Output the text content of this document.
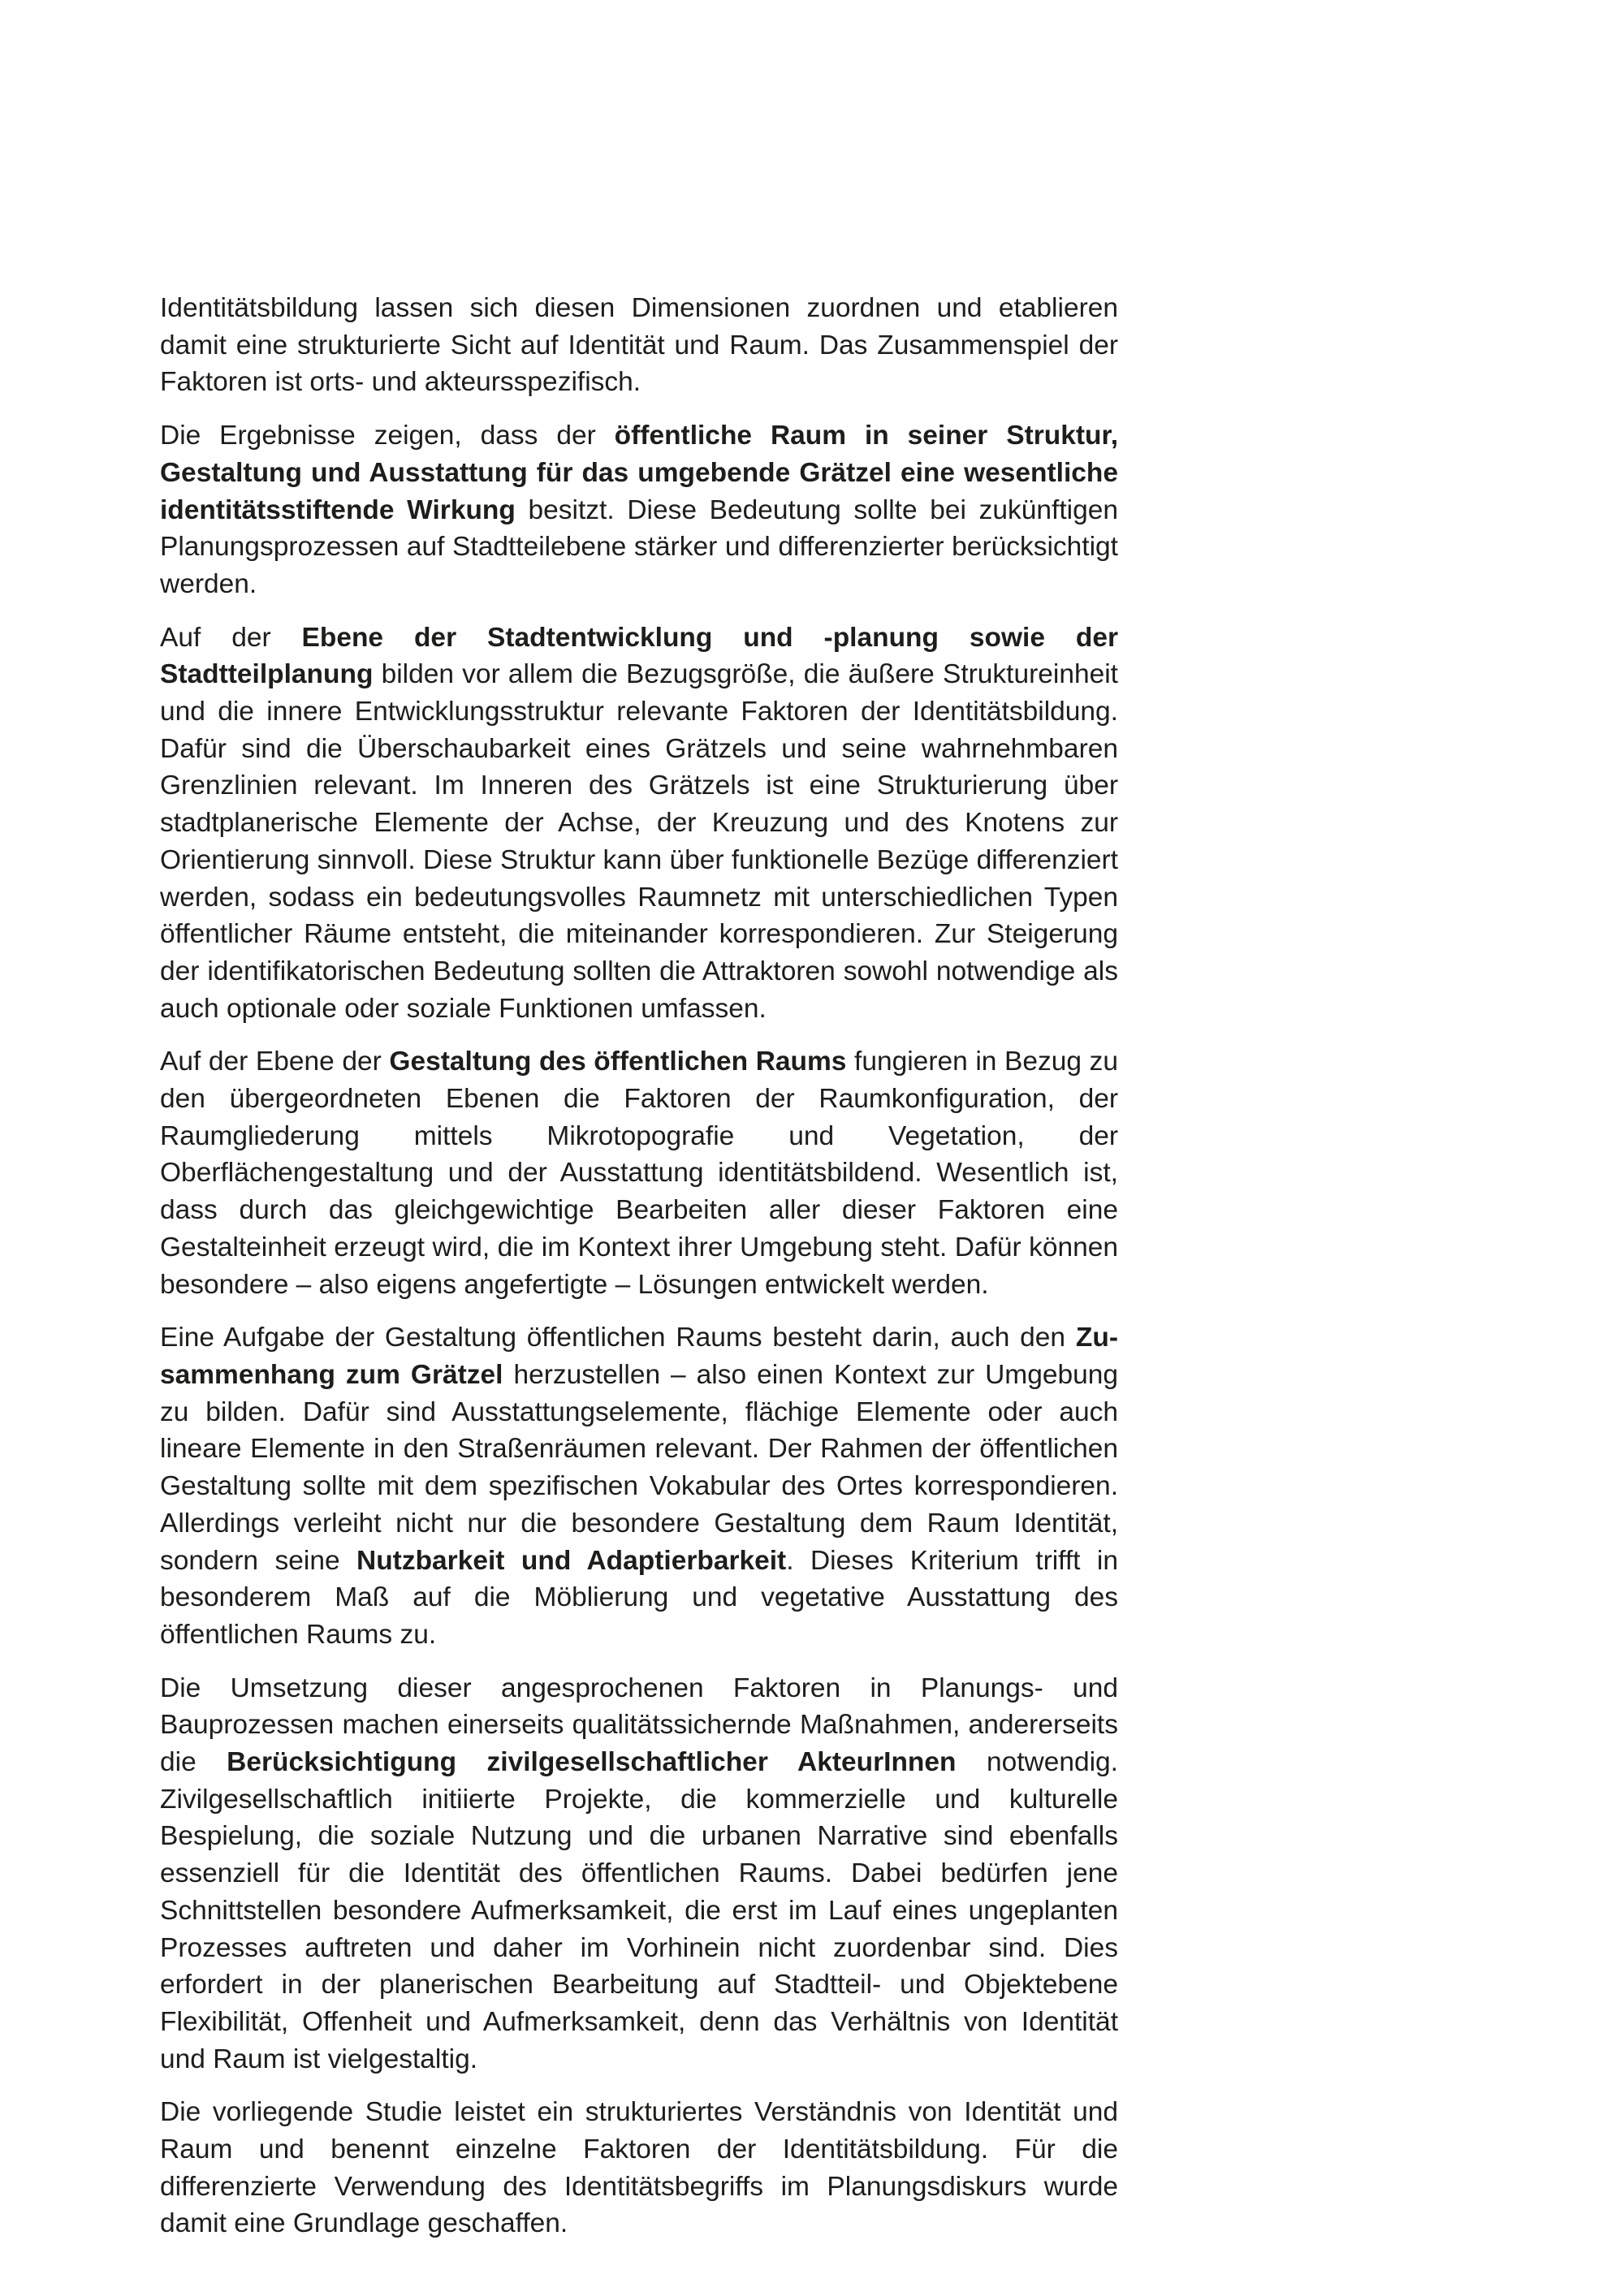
Identitätsbildung lassen sich diesen Dimensionen zuordnen und etablieren damit eine strukturierte Sicht auf Identität und Raum. Das Zusammenspiel der Faktoren ist orts- und akteursspezifisch.

Die Ergebnisse zeigen, dass der öffentliche Raum in seiner Struktur, Gestaltung und Ausstattung für das umgebende Grätzel eine wesentliche identitätsstiftende Wirkung besitzt. Diese Bedeutung sollte bei zukünftigen Planungsprozessen auf Stadtteilebene stärker und differenzierter berücksichtigt werden.

Auf der Ebene der Stadtentwicklung und -planung sowie der Stadtteilplanung bilden vor allem die Bezugsgröße, die äußere Struktureinheit und die innere Entwicklungsstruktur relevante Faktoren der Identitätsbildung. Dafür sind die Überschaubarkeit eines Grätzels und seine wahrnehmbaren Grenzlinien relevant. Im Inneren des Grätzels ist eine Strukturierung über stadtplanerische Elemente der Achse, der Kreuzung und des Knotens zur Orientierung sinnvoll. Diese Struktur kann über funktionelle Bezüge differenziert werden, sodass ein bedeutungsvolles Raumnetz mit unterschiedlichen Typen öffentlicher Räume entsteht, die miteinander korrespondieren. Zur Steigerung der identifikatorischen Bedeutung sollten die Attraktoren sowohl notwendige als auch optionale oder soziale Funktionen umfassen.

Auf der Ebene der Gestaltung des öffentlichen Raums fungieren in Bezug zu den übergeordneten Ebenen die Faktoren der Raumkonfiguration, der Raumgliederung mittels Mikrotopografie und Vegetation, der Oberflächengestaltung und der Ausstattung identitätsbildend. Wesentlich ist, dass durch das gleichgewichtige Bearbeiten aller dieser Faktoren eine Gestalteinheit erzeugt wird, die im Kontext ihrer Umgebung steht. Dafür können besondere – also eigens angefertigte – Lösungen entwickelt werden.

Eine Aufgabe der Gestaltung öffentlichen Raums besteht darin, auch den Zusammenhang zum Grätzel herzustellen – also einen Kontext zur Umgebung zu bilden. Dafür sind Ausstattungselemente, flächige Elemente oder auch lineare Elemente in den Straßenräumen relevant. Der Rahmen der öffentlichen Gestaltung sollte mit dem spezifischen Vokabular des Ortes korrespondieren. Allerdings verleiht nicht nur die besondere Gestaltung dem Raum Identität, sondern seine Nutzbarkeit und Adaptierbarkeit. Dieses Kriterium trifft in besonderem Maß auf die Möblierung und vegetative Ausstattung des öffentlichen Raums zu.

Die Umsetzung dieser angesprochenen Faktoren in Planungs- und Bauprozessen machen einerseits qualitätssichernde Maßnahmen, andererseits die Berücksichtigung zivilgesellschaftlicher AkteurInnen notwendig. Zivilgesellschaftlich initiierte Projekte, die kommerzielle und kulturelle Bespielung, die soziale Nutzung und die urbanen Narrative sind ebenfalls essenziell für die Identität des öffentlichen Raums. Dabei bedürfen jene Schnittstellen besondere Aufmerksamkeit, die erst im Lauf eines ungeplanten Prozesses auftreten und daher im Vorhinein nicht zuordenbar sind. Dies erfordert in der planerischen Bearbeitung auf Stadtteil- und Objektebene Flexibilität, Offenheit und Aufmerksamkeit, denn das Verhältnis von Identität und Raum ist vielgestaltig.

Die vorliegende Studie leistet ein strukturiertes Verständnis von Identität und Raum und benennt einzelne Faktoren der Identitätsbildung. Für die differenzierte Verwendung des Identitätsbegriffs im Planungsdiskurs wurde damit eine Grundlage geschaffen.
